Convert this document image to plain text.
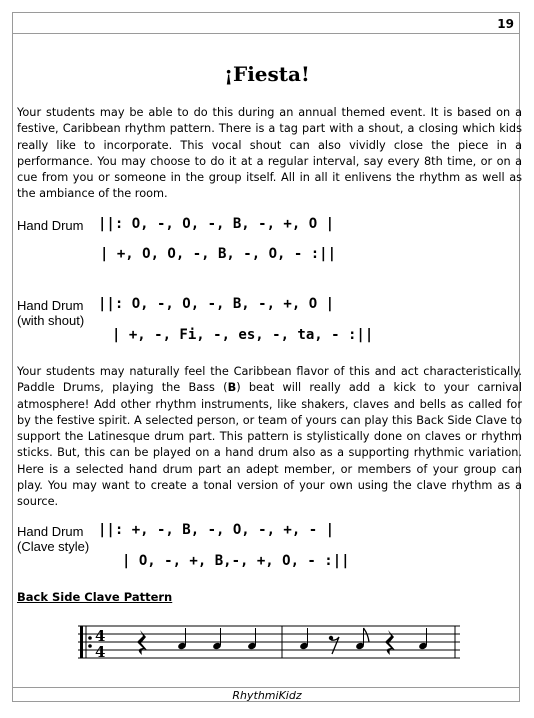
19
¡Fiesta!

Your students may be able to do this during an annual themed event. It is based on a festive, Caribbean rhythm pattern. There is a tag part with a shout, a closing which kids really like to incorporate. This vocal shout can also vividly close the piece in a performance. You may choose to do it at a regular interval, say every 8th time, or on a cue from you or someone in the group itself. All in all it enlivens the rhythm as well as the ambiance of the room.

Hand Drum ||: O, -, O, -, B, -, +, O |
| +, O, O, -, B, -, O, - :||
Hand Drum
(with shout)
||: O, -, O, -, B, -, +, O |
| +, -, Fi, -, es, -, ta, - :||

Your students may naturally feel the Caribbean flavor of this and act characteristically. Paddle Drums, playing the Bass (B) beat will really add a kick to your carnival atmosphere! Add other rhythm instruments, like shakers, claves and bells as called for by the festive spirit. A selected person, or team of yours can play this Back Side Clave to support the Latinesque drum part. This pattern is stylistically done on claves or rhythm sticks. But, this can be played on a hand drum also as a supporting rhythmic variation. Here is a selected hand drum part an adept member, or members of your group can play. You may want to create a tonal version of your own using the clave rhythm as a source.

Hand Drum
(Clave style)
||: +, -, B, -, O, -, +, - |
| O, -, +, B,-, +, O, - :||
Back Side Clave Pattern
4
4
RhythmiKidz
